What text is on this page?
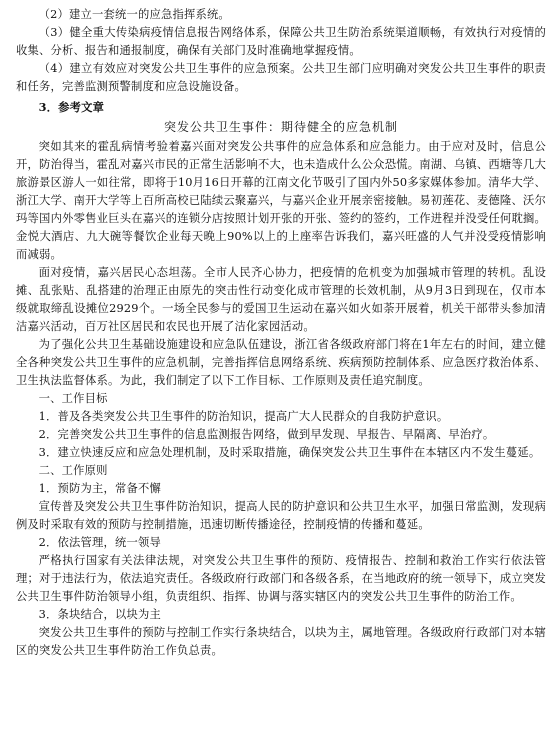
（2）建立一套统一的应急指挥系统。

（3）健全重大传染病疫情信息报告网络体系，保障公共卫生防治系统渠道顺畅，有效执行对疫情的收集、分析、报告和通报制度，确保有关部门及时准确地掌握疫情。

（4）建立有效应对突发公共卫生事件的应急预案。公共卫生部门应明确对突发公共卫生事件的职责和任务，完善监测预警制度和应急设施设备。

3．参考文章

突发公共卫生事件：期待健全的应急机制

突如其来的霍乱病情考验着嘉兴面对突发公共事件的应急体系和应急能力。由于应对及时，信息公开，防治得当，霍乱对嘉兴市民的正常生活影响不大，也未造成什么公众恐慌。南湖、乌镇、西塘等几大旅游景区游人一如往常，即将于10月16日开幕的江南文化节吸引了国内外50多家媒体参加。清华大学、浙江大学、南开大学等上百所高校已陆续云聚嘉兴，与嘉兴企业开展亲密接触。易初莲花、麦德隆、沃尔玛等国内外零售业巨头在嘉兴的连锁分店按照计划开张的开张、签约的签约，工作进程并没受任何耽搁。金悦大酒店、九大碗等餐饮企业每天晚上90%以上的上座率告诉我们，嘉兴旺盛的人气并没受疫情影响而减弱。

面对疫情，嘉兴居民心态坦荡。全市人民齐心协力，把疫情的危机变为加强城市管理的转机。乱设摊、乱张贴、乱搭建的治理正由原先的突击性行动变化成市管理的长效机制，从9月3日到现在，仅市本级就取缔乱设摊位2929个。一场全民参与的爱国卫生运动在嘉兴如火如荼开展着，机关干部带头参加清洁嘉兴活动，百万社区居民和农民也开展了洁化家园活动。

为了强化公共卫生基础设施建设和应急队伍建设，浙江省各级政府部门将在1年左右的时间，建立健全各种突发公共卫生事件的应急机制，完善指挥信息网络系统、疾病预防控制体系、应急医疗救治体系、卫生执法监督体系。为此，我们制定了以下工作目标、工作原则及责任追究制度。

一、工作目标

1．普及各类突发公共卫生事件的防治知识，提高广大人民群众的自我防护意识。

2．完善突发公共卫生事件的信息监测报告网络，做到早发现、早报告、早隔离、早治疗。

3．建立快速反应和应急处理机制，及时采取措施，确保突发公共卫生事件在本辖区内不发生蔓延。

二、工作原则

1．预防为主，常备不懈

宣传普及突发公共卫生事件防治知识，提高人民的防护意识和公共卫生水平，加强日常监测，发现病例及时采取有效的预防与控制措施，迅速切断传播途径，控制疫情的传播和蔓延。

2．依法管理，统一领导

严格执行国家有关法律法规，对突发公共卫生事件的预防、疫情报告、控制和救治工作实行依法管理；对于违法行为，依法追究责任。各级政府行政部门和各级各系，在当地政府的统一领导下，成立突发公共卫生事件防治领导小组，负责组织、指挥、协调与落实辖区内的突发公共卫生事件的防治工作。

3．条块结合，以块为主

突发公共卫生事件的预防与控制工作实行条块结合，以块为主，属地管理。各级政府行政部门对本辖区的突发公共卫生事件防治工作负总责。
